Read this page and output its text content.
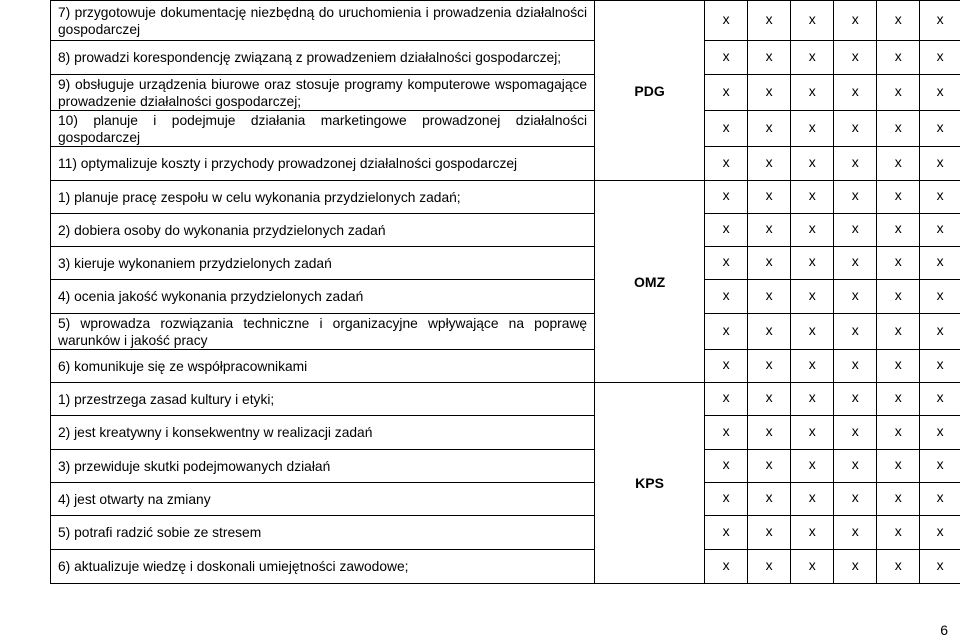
7) przygotowuje dokumentację niezbędną do uruchomienia i prowadzenia działalności gospodarczej	PDG	x	x	x	x	x	x
8) prowadzi korespondencję związaną z prowadzeniem działalności gospodarczej;		x	x	x	x	x	x
9) obsługuje urządzenia biurowe oraz stosuje programy komputerowe wspomagające prowadzenie działalności gospodarczej;		x	x	x	x	x	x
10) planuje i podejmuje działania marketingowe prowadzonej działalności gospodarczej		x	x	x	x	x	x
11) optymalizuje koszty i przychody prowadzonej działalności gospodarczej		x	x	x	x	x	x
1) planuje pracę zespołu w celu wykonania przydzielonych zadań;	OMZ	x	x	x	x	x	x
2) dobiera osoby do wykonania przydzielonych zadań		x	x	x	x	x	x
3) kieruje wykonaniem przydzielonych zadań		x	x	x	x	x	x
4) ocenia jakość wykonania przydzielonych zadań		x	x	x	x	x	x
5) wprowadza rozwiązania techniczne i organizacyjne wpływające na poprawę warunków i jakość pracy		x	x	x	x	x	x
6) komunikuje się ze współpracownikami		x	x	x	x	x	x
1) przestrzega zasad kultury i etyki;	KPS	x	x	x	x	x	x
2) jest kreatywny i konsekwentny w realizacji zadań		x	x	x	x	x	x
3) przewiduje skutki podejmowanych działań		x	x	x	x	x	x
4) jest otwarty na zmiany		x	x	x	x	x	x
5) potrafi radzić sobie ze stresem		x	x	x	x	x	x
6) aktualizuje wiedzę i doskonali umiejętności zawodowe;		x	x	x	x	x	x
6
